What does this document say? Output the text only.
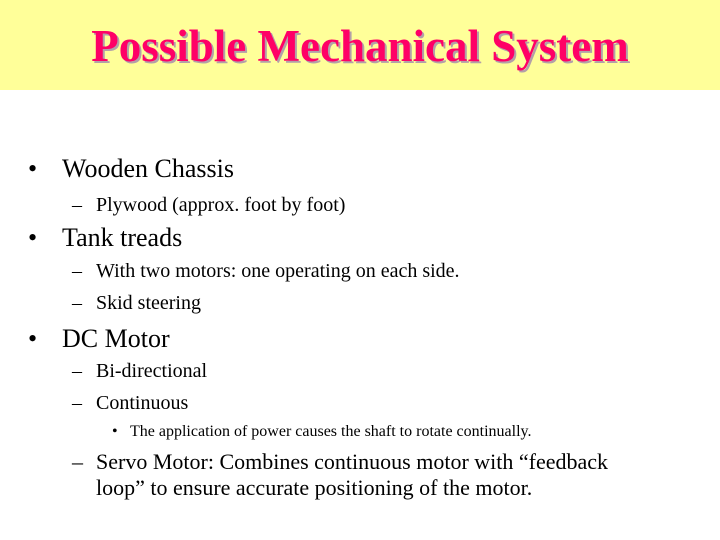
Possible Mechanical System
• Wooden Chassis
– Plywood (approx. foot by foot)
• Tank treads
– With two motors: one operating on each side.
– Skid steering
• DC Motor
– Bi-directional
– Continuous
• The application of power causes the shaft to rotate continually.
– Servo Motor: Combines continuous motor with “feedback
loop” to ensure accurate positioning of the motor.
